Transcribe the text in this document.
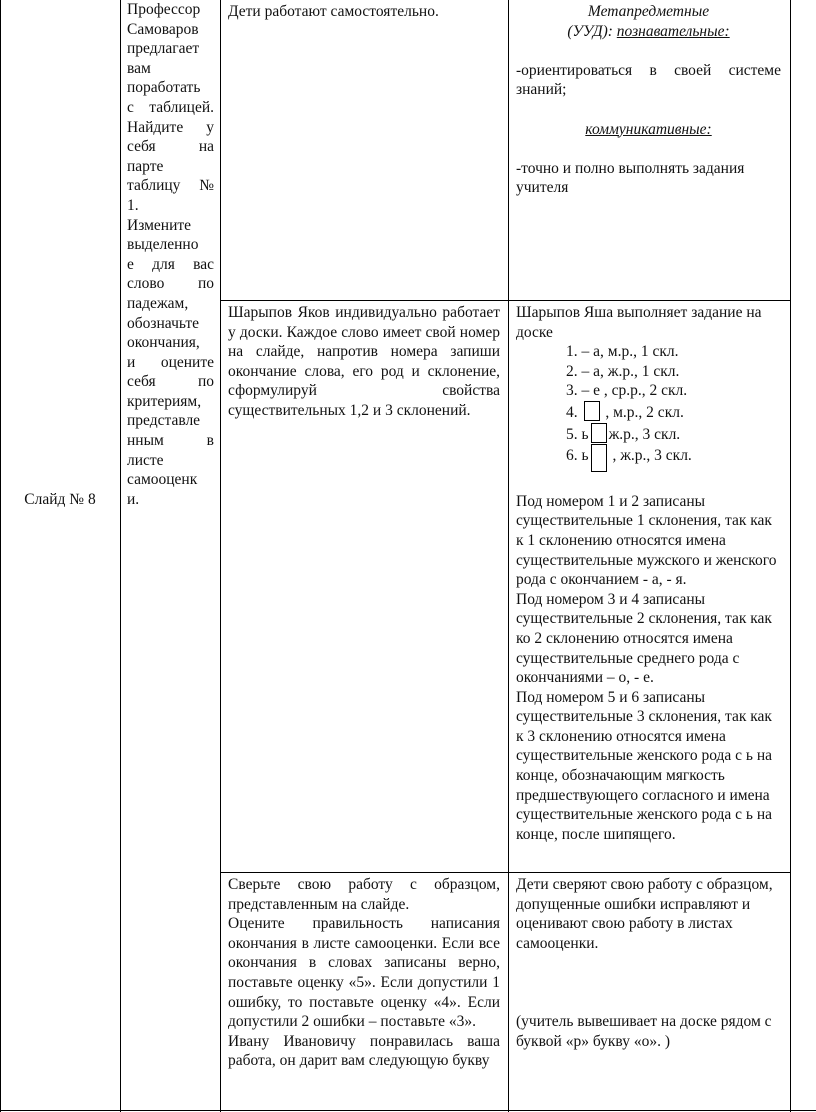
Слайд № 8

Профессор

Самоваров

предлагает

вам

поработать

с таблицей.

Найдите у

себя на

парте

таблицу №

1.

Измените

выделенно

е для вас

слово по

падежам,

обозначьте

окончания,

и оцените

себя по

критериям,

представле

нным в

листе

самооценк

и.

Дети работают самостоятельно.	Метапредметные
(УУД): познавательные:
-ориентироваться в своей системе знаний;
коммуникативные:
-точно и полно выполнять задания учителя
Шарыпов Яков индивидуально работает у доски. Каждое слово имеет свой номер на слайде, напротив номера запиши окончание слова, его род и склонение, сформулируй свойства существительных 1,2 и 3 склонений.
Шарыпов Яша выполняет задание на доске

1. – а, м.р., 1 скл.

2. – а, ж.р., 1 скл.

3. – е , ср.р., 2 скл.

4. , м.р., 2 скл.

5. ь ж.р., 3 скл.

6. ь , ж.р., 3 скл.

Под номером 1 и 2 записаны существительные 1 склонения, так как к 1 склонению относятся имена существительные мужского и женского рода с окончанием - а, - я.
Под номером 3 и 4 записаны существительные 2 склонения, так как ко 2 склонению относятся имена существительные среднего рода с окончаниями – о, - е.
Под номером 5 и 6 записаны существительные 3 склонения, так как к 3 склонению относятся имена существительные женского рода с ь на конце, обозначающим мягкость предшествующего согласного и имена существительные женского рода с ь на конце, после шипящего.
Сверьте свою работу с образцом, представленным на слайде.
Оцените правильность написания окончания в листе самооценки. Если все окончания в словах записаны верно, поставьте оценку «5». Если допустили 1 ошибку, то поставьте оценку «4». Если допустили 2 ошибки – поставьте «3».
Ивану Ивановичу понравилась ваша работа, он дарит вам следующую букву
Дети сверяют свою работу с образцом, допущенные ошибки исправляют и оценивают свою работу в листах самооценки.
(учитель вывешивает на доске рядом с буквой «р» букву «о». )
